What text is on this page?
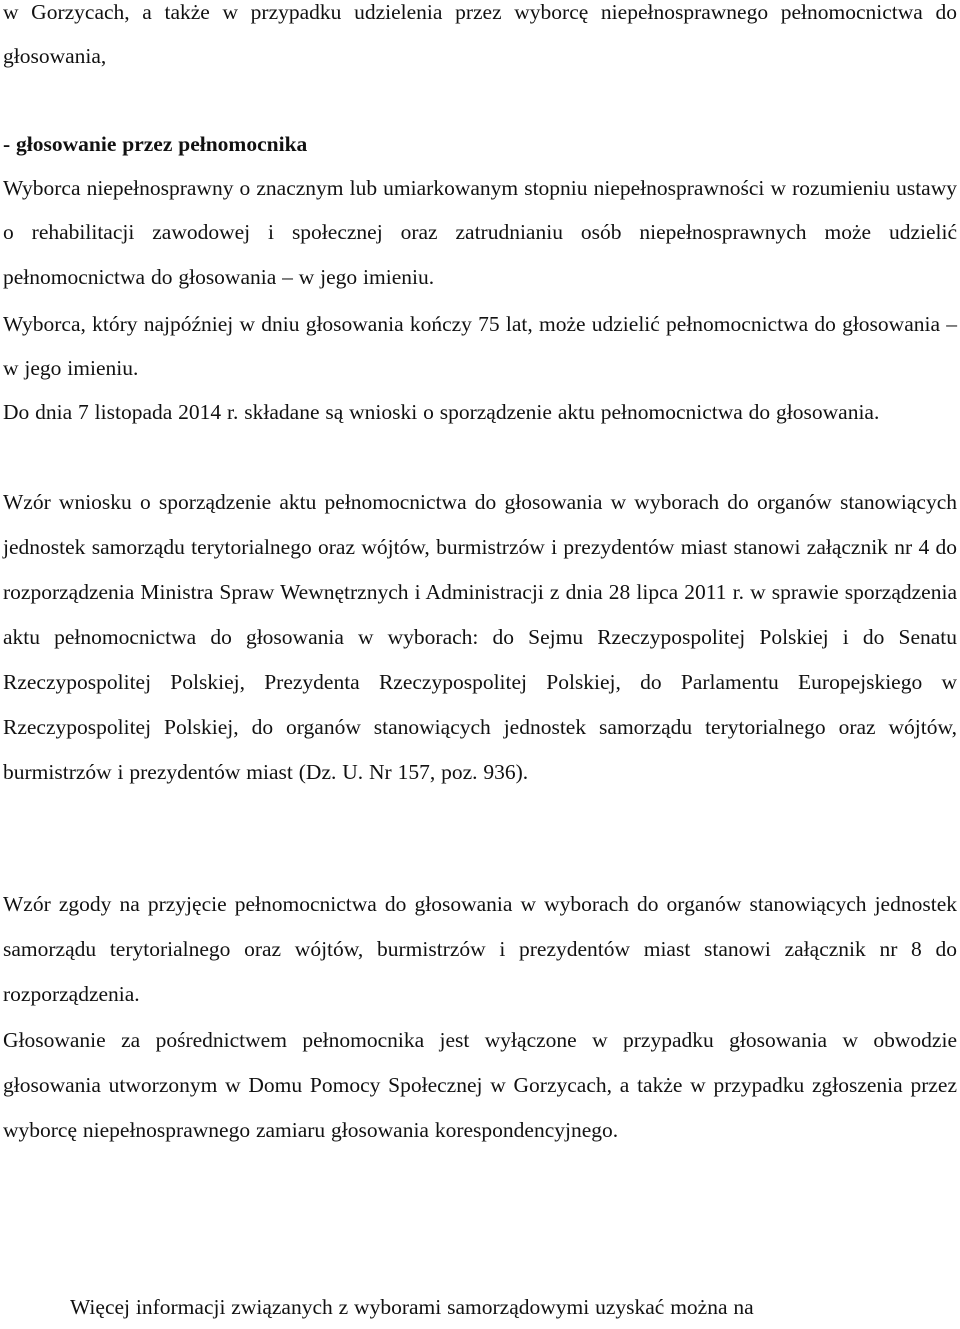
w Gorzycach, a także w przypadku udzielenia przez wyborcę niepełnosprawnego pełnomocnictwa do głosowania,

- głosowanie przez pełnomocnika

Wyborca niepełnosprawny o znacznym lub umiarkowanym stopniu niepełnosprawności w rozumieniu ustawy o rehabilitacji zawodowej i społecznej oraz zatrudnianiu osób niepełnosprawnych może udzielić pełnomocnictwa do głosowania – w jego imieniu.

Wyborca, który najpóźniej w dniu głosowania kończy 75 lat, może udzielić pełnomocnictwa do głosowania – w jego imieniu.

Do dnia 7 listopada 2014 r. składane są wnioski o sporządzenie aktu pełnomocnictwa do głosowania.

Wzór wniosku o sporządzenie aktu pełnomocnictwa do głosowania w wyborach do organów stanowiących jednostek samorządu terytorialnego oraz wójtów, burmistrzów i prezydentów miast stanowi załącznik nr 4 do rozporządzenia Ministra Spraw Wewnętrznych i Administracji z dnia 28 lipca 2011 r. w sprawie sporządzenia aktu pełnomocnictwa do głosowania w wyborach: do Sejmu Rzeczypospolitej Polskiej i do Senatu Rzeczypospolitej Polskiej, Prezydenta Rzeczypospolitej Polskiej, do Parlamentu Europejskiego w Rzeczypospolitej Polskiej, do organów stanowiących jednostek samorządu terytorialnego oraz wójtów, burmistrzów i prezydentów miast (Dz. U. Nr 157, poz. 936).

Wzór zgody na przyjęcie pełnomocnictwa do głosowania w wyborach do organów stanowiących jednostek samorządu terytorialnego oraz wójtów, burmistrzów i prezydentów miast stanowi załącznik nr 8 do rozporządzenia.

Głosowanie za pośrednictwem pełnomocnika jest wyłączone w przypadku głosowania w obwodzie głosowania utworzonym w Domu Pomocy Społecznej w Gorzycach, a także w przypadku zgłoszenia przez wyborcę niepełnosprawnego zamiaru głosowania korespondencyjnego.

Więcej informacji związanych z wyborami samorządowymi uzyskać można na
